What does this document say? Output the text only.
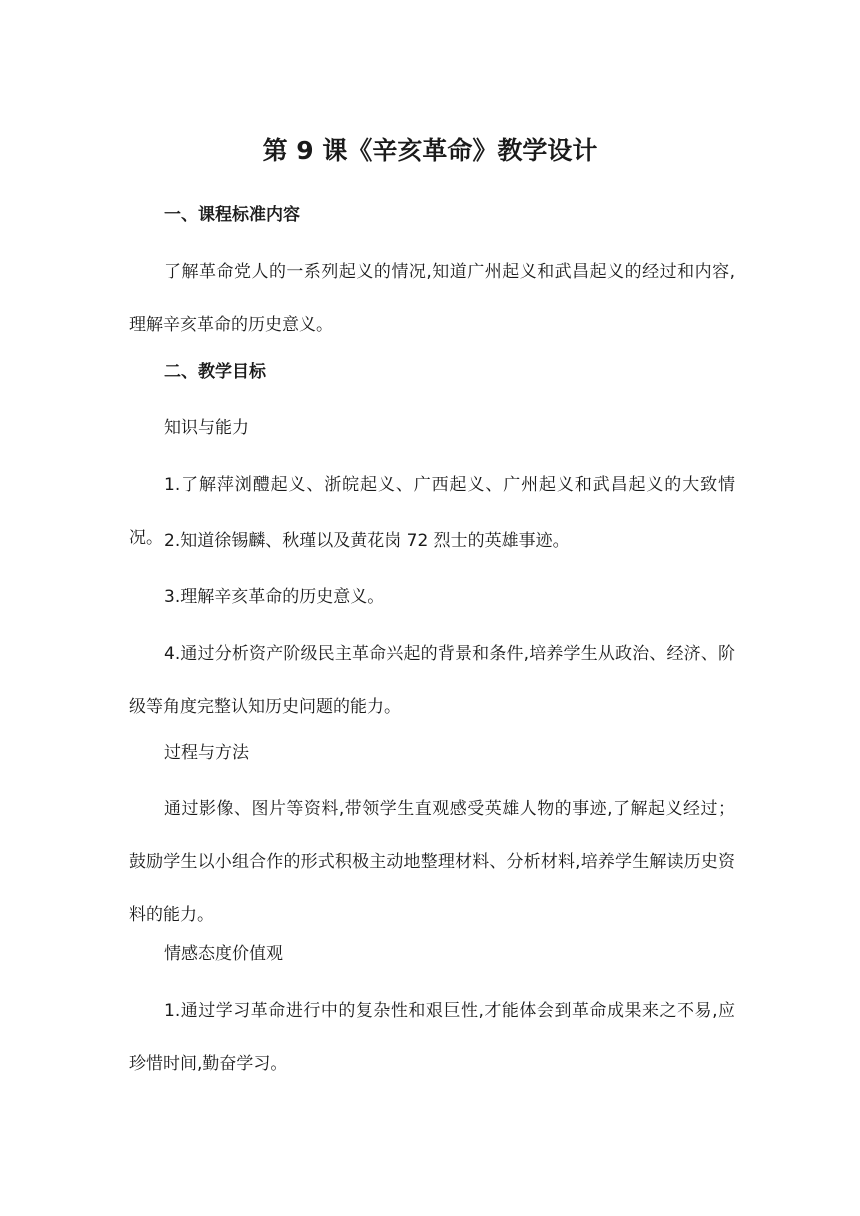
第 9 课《辛亥革命》教学设计

一、课程标准内容

了解革命党人的一系列起义的情况,知道广州起义和武昌起义的经过和内容,理解辛亥革命的历史意义。

二、教学目标

知识与能力

1.了解萍浏醴起义、浙皖起义、广西起义、广州起义和武昌起义的大致情况。 2.知道徐锡麟、秋瑾以及黄花岗 72 烈士的英雄事迹。

3.理解辛亥革命的历史意义。

4.通过分析资产阶级民主革命兴起的背景和条件,培养学生从政治、经济、阶级等角度完整认知历史问题的能力。

过程与方法

通过影像、图片等资料,带领学生直观感受英雄人物的事迹,了解起义经过；鼓励学生以小组合作的形式积极主动地整理材料、分析材料,培养学生解读历史资料的能力。

情感态度价值观

1.通过学习革命进行中的复杂性和艰巨性,才能体会到革命成果来之不易,应珍惜时间,勤奋学习。
